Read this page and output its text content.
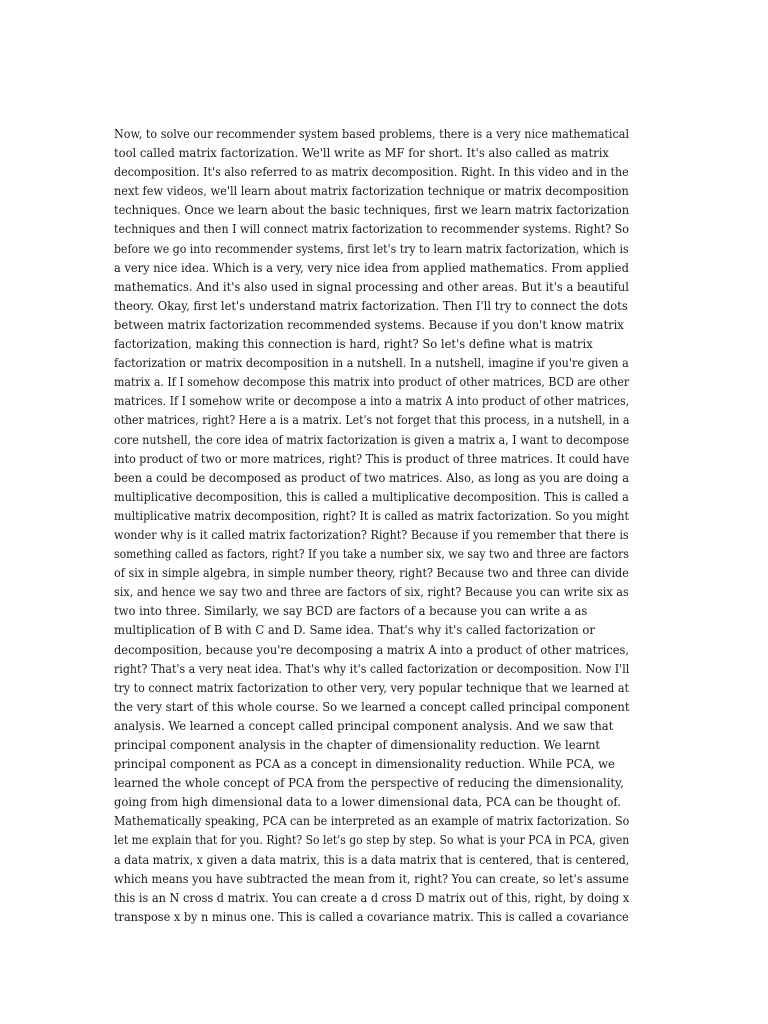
Now, to solve our recommender system based problems, there is a very nice mathematical
tool called matrix factorization. We'll write as MF for short. It's also called as matrix
decomposition. It's also referred to as matrix decomposition. Right. In this video and in the
next few videos, we'll learn about matrix factorization technique or matrix decomposition
techniques. Once we learn about the basic techniques, first we learn matrix factorization
techniques and then I will connect matrix factorization to recommender systems. Right? So
before we go into recommender systems, first let's try to learn matrix factorization, which is
a very nice idea. Which is a very, very nice idea from applied mathematics. From applied
mathematics. And it's also used in signal processing and other areas. But it's a beautiful
theory. Okay, first let's understand matrix factorization. Then I'll try to connect the dots
between matrix factorization recommended systems. Because if you don't know matrix
factorization, making this connection is hard, right? So let's define what is matrix
factorization or matrix decomposition in a nutshell. In a nutshell, imagine if you're given a
matrix a. If I somehow decompose this matrix into product of other matrices, BCD are other
matrices. If I somehow write or decompose a into a matrix A into product of other matrices,
other matrices, right? Here a is a matrix. Let's not forget that this process, in a nutshell, in a
core nutshell, the core idea of matrix factorization is given a matrix a, I want to decompose
into product of two or more matrices, right? This is product of three matrices. It could have
been a could be decomposed as product of two matrices. Also, as long as you are doing a
multiplicative decomposition, this is called a multiplicative decomposition. This is called a
multiplicative matrix decomposition, right? It is called as matrix factorization. So you might
wonder why is it called matrix factorization? Right? Because if you remember that there is
something called as factors, right? If you take a number six, we say two and three are factors
of six in simple algebra, in simple number theory, right? Because two and three can divide
six, and hence we say two and three are factors of six, right? Because you can write six as
two into three. Similarly, we say BCD are factors of a because you can write a as
multiplication of B with C and D. Same idea. That's why it's called factorization or
decomposition, because you're decomposing a matrix A into a product of other matrices,
right? That's a very neat idea. That's why it's called factorization or decomposition. Now I'll
try to connect matrix factorization to other very, very popular technique that we learned at
the very start of this whole course. So we learned a concept called principal component
analysis. We learned a concept called principal component analysis. And we saw that
principal component analysis in the chapter of dimensionality reduction. We learnt
principal component as PCA as a concept in dimensionality reduction. While PCA, we
learned the whole concept of PCA from the perspective of reducing the dimensionality,
going from high dimensional data to a lower dimensional data, PCA can be thought of.
Mathematically speaking, PCA can be interpreted as an example of matrix factorization. So
let me explain that for you. Right? So let's go step by step. So what is your PCA in PCA, given
a data matrix, x given a data matrix, this is a data matrix that is centered, that is centered,
which means you have subtracted the mean from it, right? You can create, so let's assume
this is an N cross d matrix. You can create a d cross D matrix out of this, right, by doing x
transpose x by n minus one. This is called a covariance matrix. This is called a covariance
